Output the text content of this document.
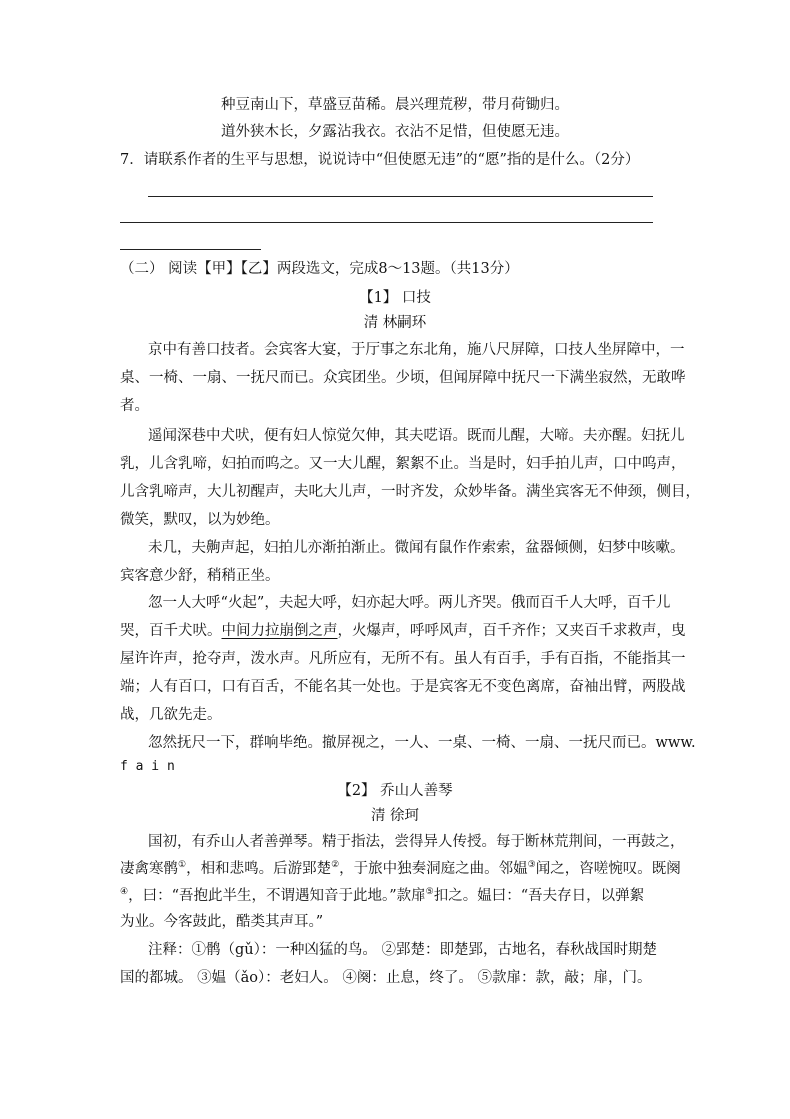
种豆南山下，草盛豆苗稀。晨兴理荒秽，带月荷锄归。
道外狭木长，夕露沾我衣。衣沾不足惜，但使愿无违。
7．请联系作者的生平与思想，说说诗中“但使愿无违”的“愿”指的是什么。（2分）
（二） 阅读【甲】【乙】两段选文，完成8～13题。（共13分）
【1】 口技
清 林嗣环
京中有善口技者。会宾客大宴，于厅事之东北角，施八尺屏障，口技人坐屏障中，一
桌、一椅、一扇、一抚尺而已。众宾团坐。少顷，但闻屏障中抚尺一下满坐寂然，无敢哗
者。
遥闻深巷中犬吠，便有妇人惊觉欠伸，其夫呓语。既而儿醒，大啼。夫亦醒。妇抚儿
乳，儿含乳啼，妇拍而呜之。又一大儿醒，絮絮不止。当是时，妇手拍儿声，口中呜声，
儿含乳啼声，大儿初醒声，夫叱大儿声，一时齐发，众妙毕备。满坐宾客无不伸颈，侧目，
微笑，默叹，以为妙绝。
未几，夫齁声起，妇拍儿亦渐拍渐止。微闻有鼠作作索索，盆器倾侧，妇梦中咳嗽。
宾客意少舒，稍稍正坐。
忽一人大呼“火起”，夫起大呼，妇亦起大呼。两儿齐哭。俄而百千人大呼，百千儿
哭，百千犬吠。中间力拉崩倒之声，火爆声，呼呼风声，百千齐作；又夹百千求救声，曳
屋许许声，抢夺声，泼水声。凡所应有，无所不有。虽人有百手，手有百指，不能指其一
端；人有百口，口有百舌，不能名其一处也。于是宾客无不变色离席，奋袖出臂，两股战
战，几欲先走。
忽然抚尺一下，群响毕绝。撤屏视之，一人、一桌、一椅、一扇、一抚尺而已。www.
f a i n
【2】 乔山人善琴
清 徐珂
国初，有乔山人者善弹琴。精于指法，尝得异人传授。每于断林荒荆间，一再鼓之，
凄禽寒鹘①，相和悲鸣。后游郢楚②，于旅中独奏洞庭之曲。邻媪③闻之，咨嗟惋叹。既阕
④，曰：“吾抱此半生，不谓遇知音于此地。”款扉⑤扣之。媪曰：“吾夫存日，以弹絮
为业。今客鼓此，酷类其声耳。”
注释：①鹘（gǔ）：一种凶猛的鸟。 ②郢楚：即楚郢，古地名，春秋战国时期楚
国的都城。 ③媪（ǎo）：老妇人。 ④阕：止息，终了。 ⑤款扉：款，敲；扉，门。
